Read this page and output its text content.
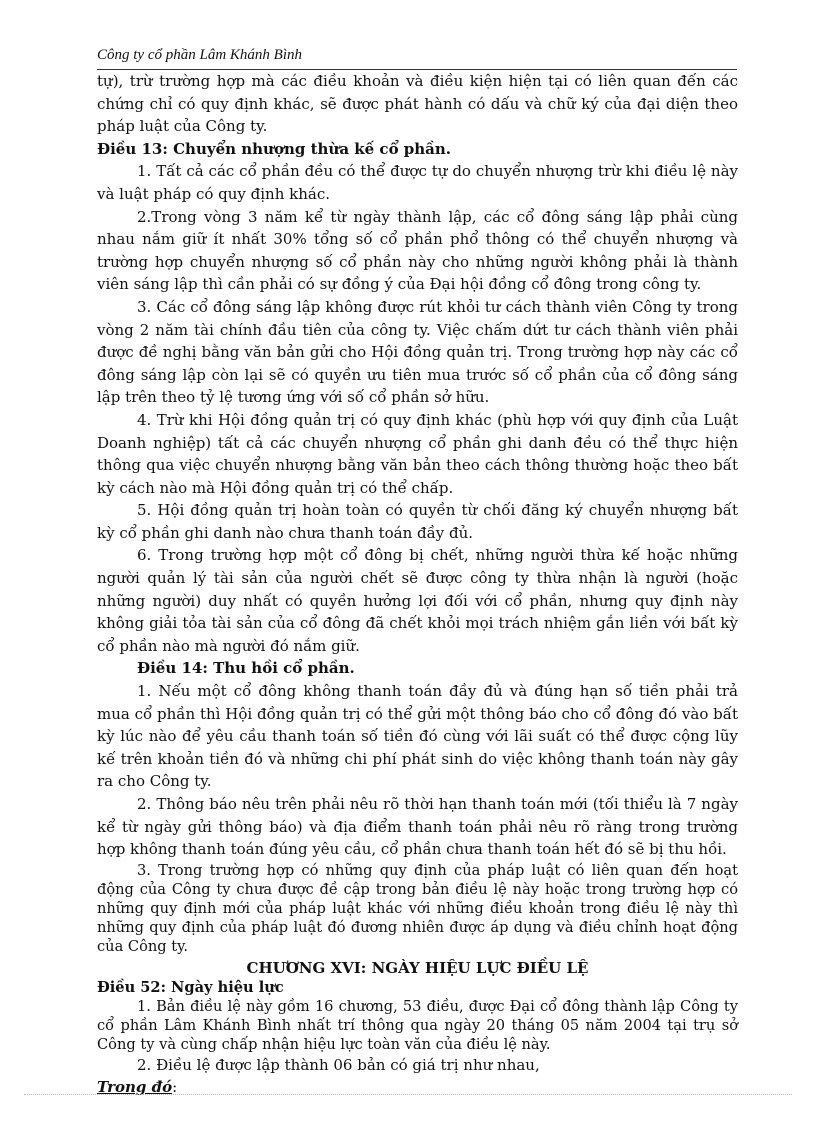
Công ty cổ phần Lâm Khánh Bình

tự), trừ trường hợp mà các điều khoản và điều kiện hiện tại có liên quan đến các chứng chỉ có quy định khác, sẽ được phát hành có dấu và chữ ký của đại diện theo pháp luật của Công ty.

Điều 13: Chuyển nhượng thừa kế cổ phần.

1. Tất cả các cổ phần đều có thể được tự do chuyển nhượng trừ khi điều lệ này và luật pháp có quy định khác.

2.Trong vòng 3 năm kể từ ngày thành lập, các cổ đông sáng lập phải cùng nhau nắm giữ ít nhất 30% tổng số cổ phần phổ thông có thể chuyển nhượng và trường hợp chuyển nhượng số cổ phần này cho những người không phải là thành viên sáng lập thì cần phải có sự đồng ý của Đại hội đồng cổ đông trong công ty.

3. Các cổ đông sáng lập không được rút khỏi tư cách thành viên Công ty trong vòng 2 năm tài chính đầu tiên của công ty. Việc chấm dứt tư cách thành viên phải được đề nghị bằng văn bản gửi cho Hội đồng quản trị. Trong trường hợp này các cổ đông sáng lập còn lại sẽ có quyền ưu tiên mua trước số cổ phần của cổ đông sáng lập trên theo tỷ lệ tương ứng với số cổ phần sở hữu.

4. Trừ khi Hội đồng quản trị có quy định khác (phù hợp với quy định của Luật Doanh nghiệp) tất cả các chuyển nhượng cổ phần ghi danh đều có thể thực hiện thông qua việc chuyển nhượng bằng văn bản theo cách thông thường hoặc theo bất kỳ cách nào mà Hội đồng quản trị có thể chấp.

5. Hội đồng quản trị hoàn toàn có quyền từ chối đăng ký chuyển nhượng bất kỳ cổ phần ghi danh nào chưa thanh toán đầy đủ.

6. Trong trường hợp một cổ đông bị chết, những người thừa kế hoặc những người quản lý tài sản của người chết sẽ được công ty thừa nhận là người (hoặc những người) duy nhất có quyền hưởng lợi đối với cổ phần, nhưng quy định này không giải tỏa tài sản của cổ đông đã chết khỏi mọi trách nhiệm gắn liền với bất kỳ cổ phần nào mà người đó nắm giữ.

Điều 14: Thu hồi cổ phần.

1. Nếu một cổ đông không thanh toán đầy đủ và đúng hạn số tiền phải trả mua cổ phần thì Hội đồng quản trị có thể gửi một thông báo cho cổ đông đó vào bất kỳ lúc nào để yêu cầu thanh toán số tiền đó cùng với lãi suất có thể được cộng lũy kế trên khoản tiền đó và những chi phí phát sinh do việc không thanh toán này gây ra cho Công ty.

2. Thông báo nêu trên phải nêu rõ thời hạn thanh toán mới (tối thiểu là 7 ngày kể từ ngày gửi thông báo) và địa điểm thanh toán phải nêu rõ ràng trong trường hợp không thanh toán đúng yêu cầu, cổ phần chưa thanh toán hết đó sẽ bị thu hồi.

3. Trong trường hợp có những quy định của pháp luật có liên quan đến hoạt động của Công ty chưa được đề cập trong bản điều lệ này hoặc trong trường hợp có những quy định mới của pháp luật khác với những điều khoản trong điều lệ này thì những quy định của pháp luật đó đương nhiên được áp dụng và điều chỉnh hoạt động của Công ty.

CHƯƠNG XVI: NGÀY HIỆU LỰC ĐIỀU LỆ

Điều 52: Ngày hiệu lực

1. Bản điều lệ này gồm 16 chương, 53 điều, được Đại cổ đông thành lập Công ty cổ phần Lâm Khánh Bình nhất trí thông qua ngày 20 tháng 05 năm 2004 tại trụ sở Công ty và cùng chấp nhận hiệu lực toàn văn của điều lệ này.

2. Điều lệ được lập thành 06 bản có giá trị như nhau,

Trong đó:
